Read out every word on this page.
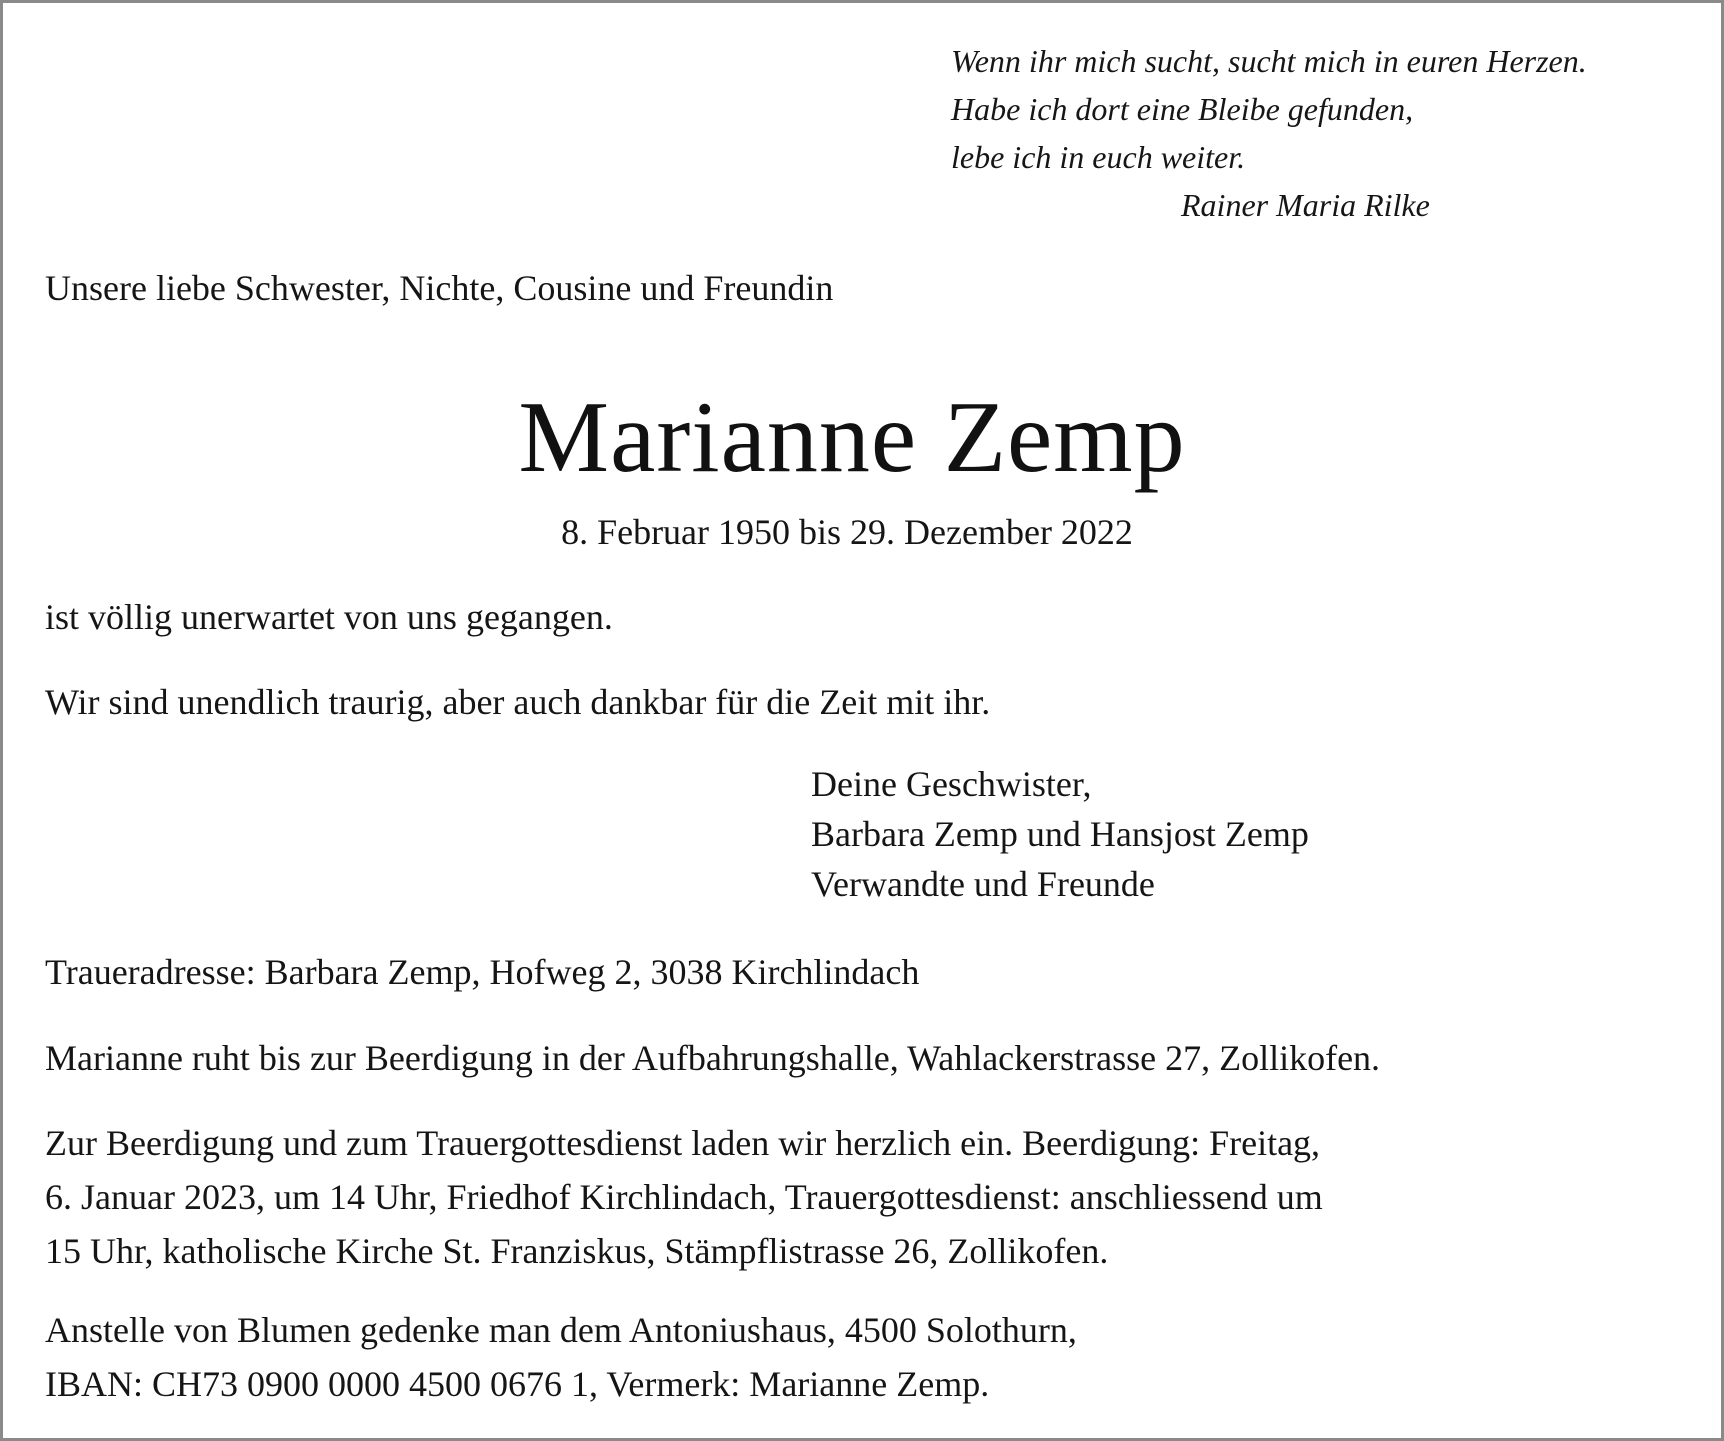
Wenn ihr mich sucht, sucht mich in euren Herzen.
Habe ich dort eine Bleibe gefunden,
lebe ich in euch weiter.
Rainer Maria Rilke
Unsere liebe Schwester, Nichte, Cousine und Freundin
Marianne Zemp
8. Februar 1950 bis 29. Dezember 2022
ist völlig unerwartet von uns gegangen.
Wir sind unendlich traurig, aber auch dankbar für die Zeit mit ihr.
Deine Geschwister,
Barbara Zemp und Hansjost Zemp
Verwandte und Freunde
Traueradresse: Barbara Zemp, Hofweg 2, 3038 Kirchlindach
Marianne ruht bis zur Beerdigung in der Aufbahrungshalle, Wahlackerstrasse 27, Zollikofen.
Zur Beerdigung und zum Trauergottesdienst laden wir herzlich ein. Beerdigung: Freitag,
6. Januar 2023, um 14 Uhr, Friedhof Kirchlindach, Trauergottesdienst: anschliessend um
15 Uhr, katholische Kirche St. Franziskus, Stämpflistrasse 26, Zollikofen.
Anstelle von Blumen gedenke man dem Antoniushaus, 4500 Solothurn,
IBAN: CH73 0900 0000 4500 0676 1, Vermerk: Marianne Zemp.
